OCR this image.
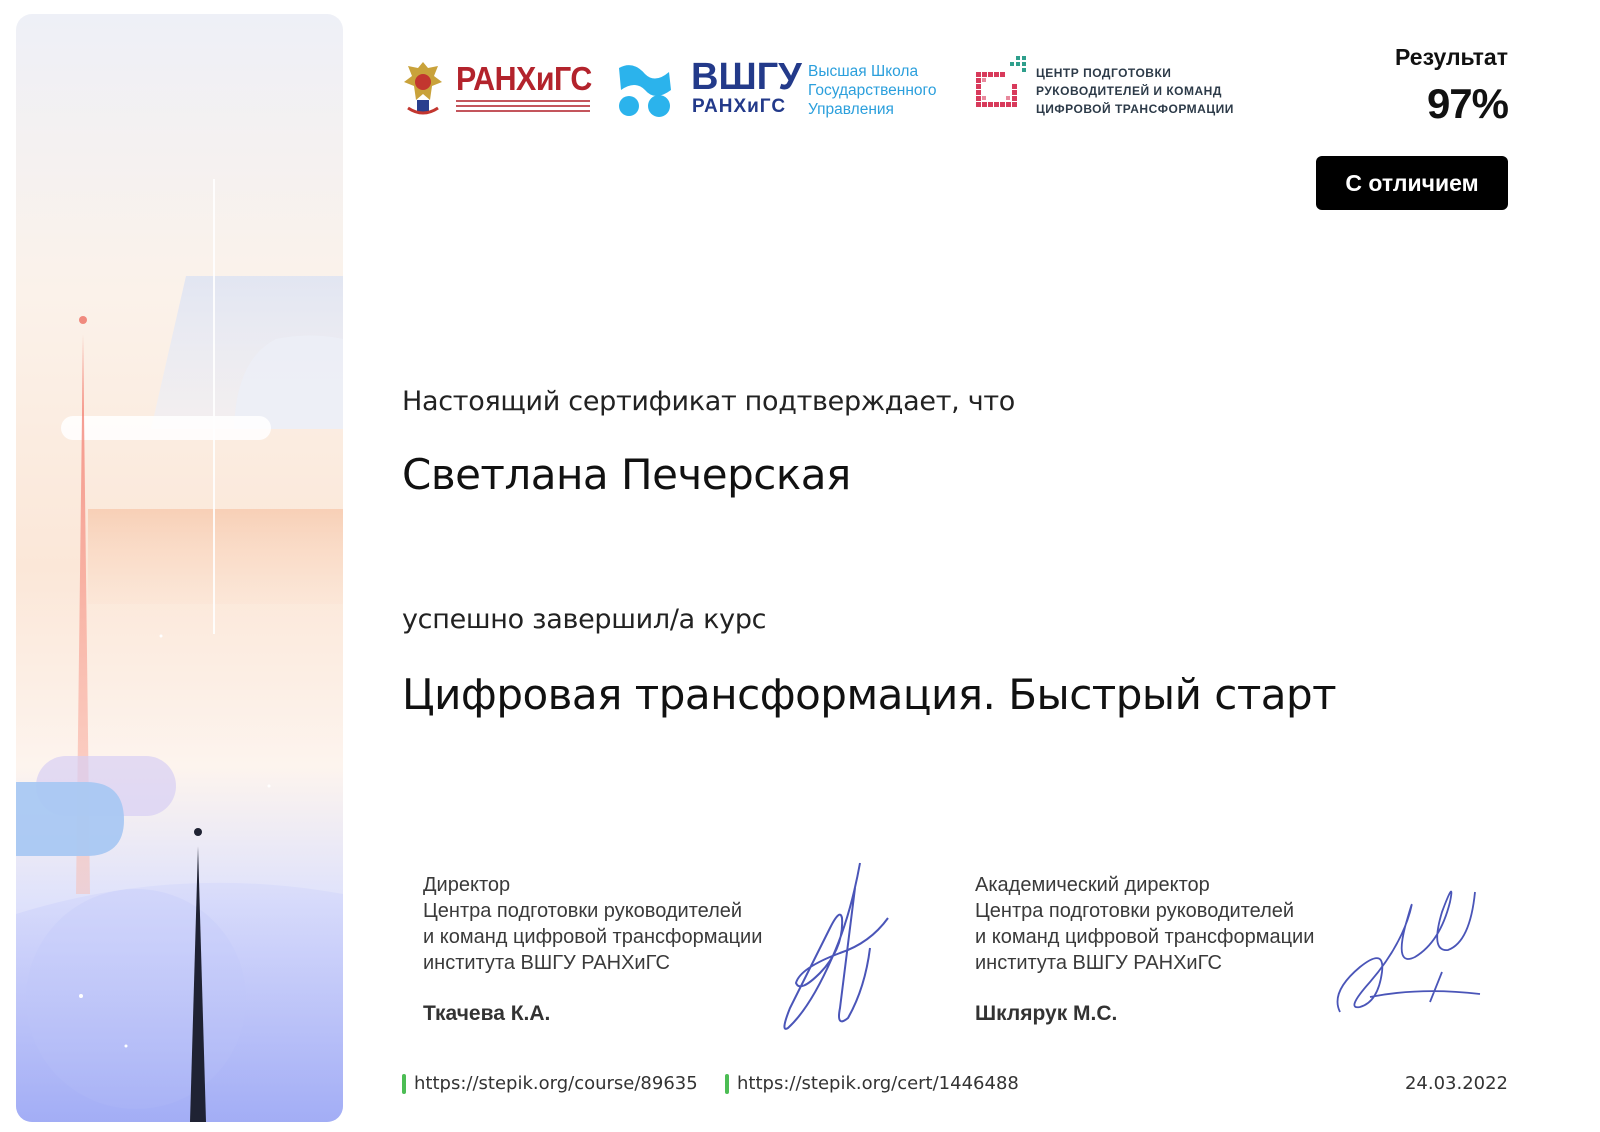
РАНХиГС	ВШГУ
РАНХиГС
Высшая Школа
Государственного
Управления
ЦЕНТР ПОДГОТОВКИ
РУКОВОДИТЕЛЕЙ И КОМАНД
ЦИФРОВОЙ ТРАНСФОРМАЦИИ
Результат
97%
С отличием
Настоящий сертификат подтверждает, что
Светлана Печерская
успешно завершил/а курс
Цифровая трансформация. Быстрый старт
Директор
Центра подготовки руководителей
и команд цифровой трансформации
института ВШГУ РАНХиГС
Ткачева К.А.
Академический директор
Центра подготовки руководителей
и команд цифровой трансформации
института ВШГУ РАНХиГС
Шклярук М.С.
https://stepik.org/course/89635 https://stepik.org/cert/1446488	24.03.2022
